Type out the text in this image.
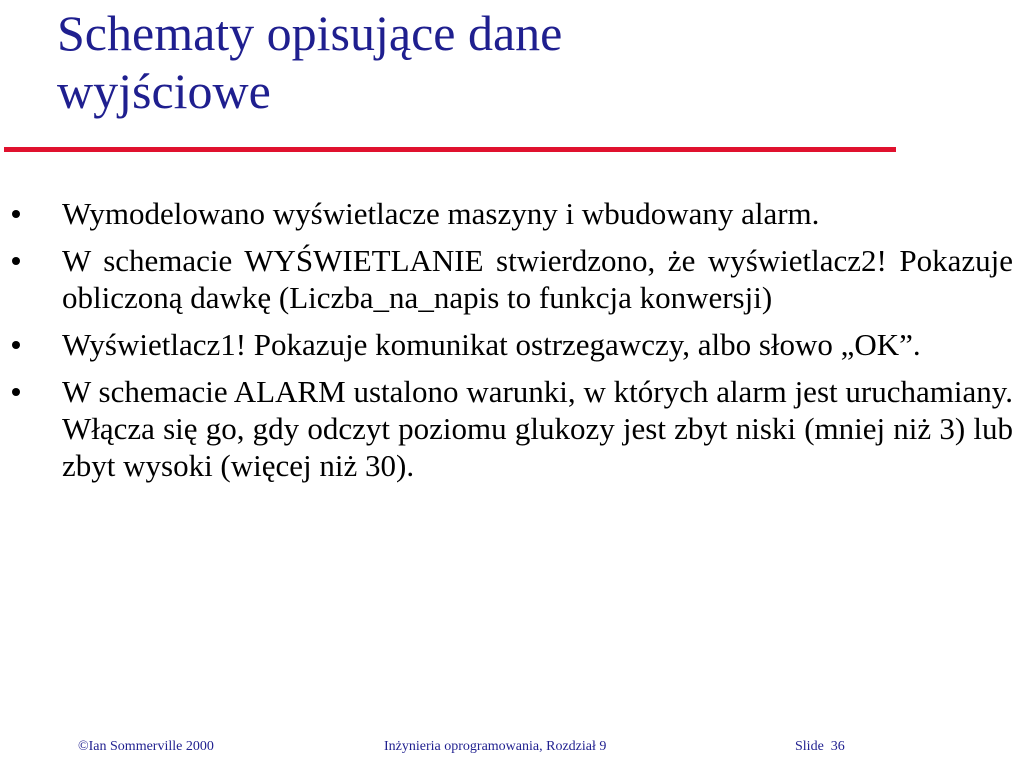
Schematy opisujące dane
wyjściowe
Wymodelowano wyświetlacze maszyny i wbudowany alarm.
W schemacie WYŚWIETLANIE stwierdzono, że wyświetlacz2! Pokazuje obliczoną dawkę (Liczba_na_napis to funkcja konwersji)
Wyświetlacz1! Pokazuje komunikat ostrzegawczy, albo słowo „OK”.
W schemacie ALARM ustalono warunki, w których alarm jest uruchamiany. Włącza się go, gdy odczyt poziomu glukozy jest zbyt niski (mniej niż 3) lub zbyt wysoki (więcej niż 30).
©Ian Sommerville 2000	Inżynieria oprogramowania, Rozdział 9	Slide  36
